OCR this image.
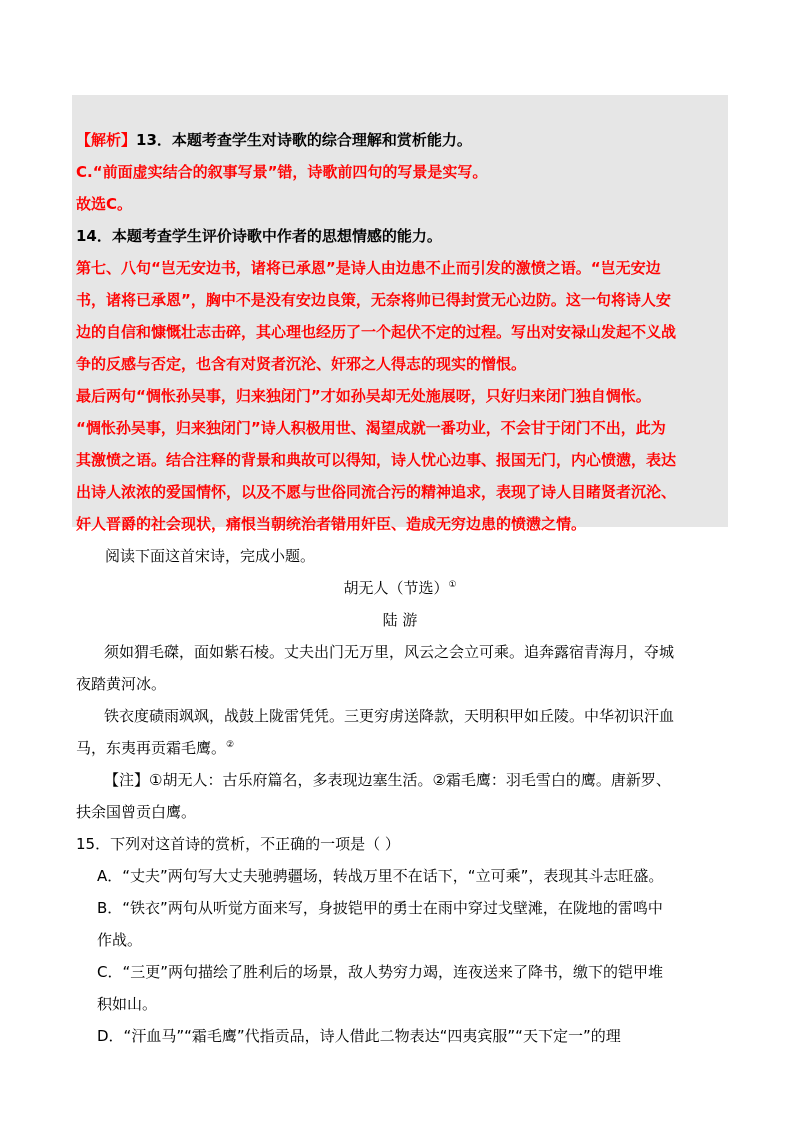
【解析】13．本题考查学生对诗歌的综合理解和赏析能力。
C.“前面虚实结合的叙事写景”错，诗歌前四句的写景是实写。
故选C。
14．本题考查学生评价诗歌中作者的思想情感的能力。
第七、八句“岂无安边书，诸将已承恩”是诗人由边患不止而引发的激愤之语。“岂无安边
书，诸将已承恩”，胸中不是没有安边良策，无奈将帅已得封赏无心边防。这一句将诗人安
边的自信和慷慨壮志击碎，其心理也经历了一个起伏不定的过程。写出对安禄山发起不义战
争的反感与否定，也含有对贤者沉沦、奸邪之人得志的现实的憎恨。
最后两句“惆怅孙吴事，归来独闭门”才如孙吴却无处施展呀，只好归来闭门独自惆怅。
“惆怅孙吴事，归来独闭门”诗人积极用世、渴望成就一番功业，不会甘于闭门不出，此为
其激愤之语。结合注释的背景和典故可以得知，诗人忧心边事、报国无门，内心愤懑，表达
出诗人浓浓的爱国情怀，以及不愿与世俗同流合污的精神追求，表现了诗人目睹贤者沉沦、
奸人晋爵的社会现状，痛恨当朝统治者错用奸臣、造成无穷边患的愤懑之情。
阅读下面这首宋诗，完成小题。
胡无人（节选）①
陆 游
须如猬毛磔，面如紫石棱。丈夫出门无万里，风云之会立可乘。追奔露宿青海月，夺城
夜踏黄河冰。
铁衣度碛雨飒飒，战鼓上陇雷凭凭。三更穷虏送降款，天明积甲如丘陵。中华初识汗血
马，东夷再贡霜毛鹰。②
【注】①胡无人：古乐府篇名，多表现边塞生活。②霜毛鹰：羽毛雪白的鹰。唐新罗、
扶余国曾贡白鹰。
15．下列对这首诗的赏析，不正确的一项是（ ）
A．“丈夫”两句写大丈夫驰骋疆场，转战万里不在话下，“立可乘”，表现其斗志旺盛。
B．“铁衣”两句从听觉方面来写，身披铠甲的勇士在雨中穿过戈壁滩，在陇地的雷鸣中
作战。
C．“三更”两句描绘了胜利后的场景，敌人势穷力竭，连夜送来了降书，缴下的铠甲堆
积如山。
D．“汗血马”“霜毛鹰”代指贡品，诗人借此二物表达“四夷宾服”“天下定一”的理
